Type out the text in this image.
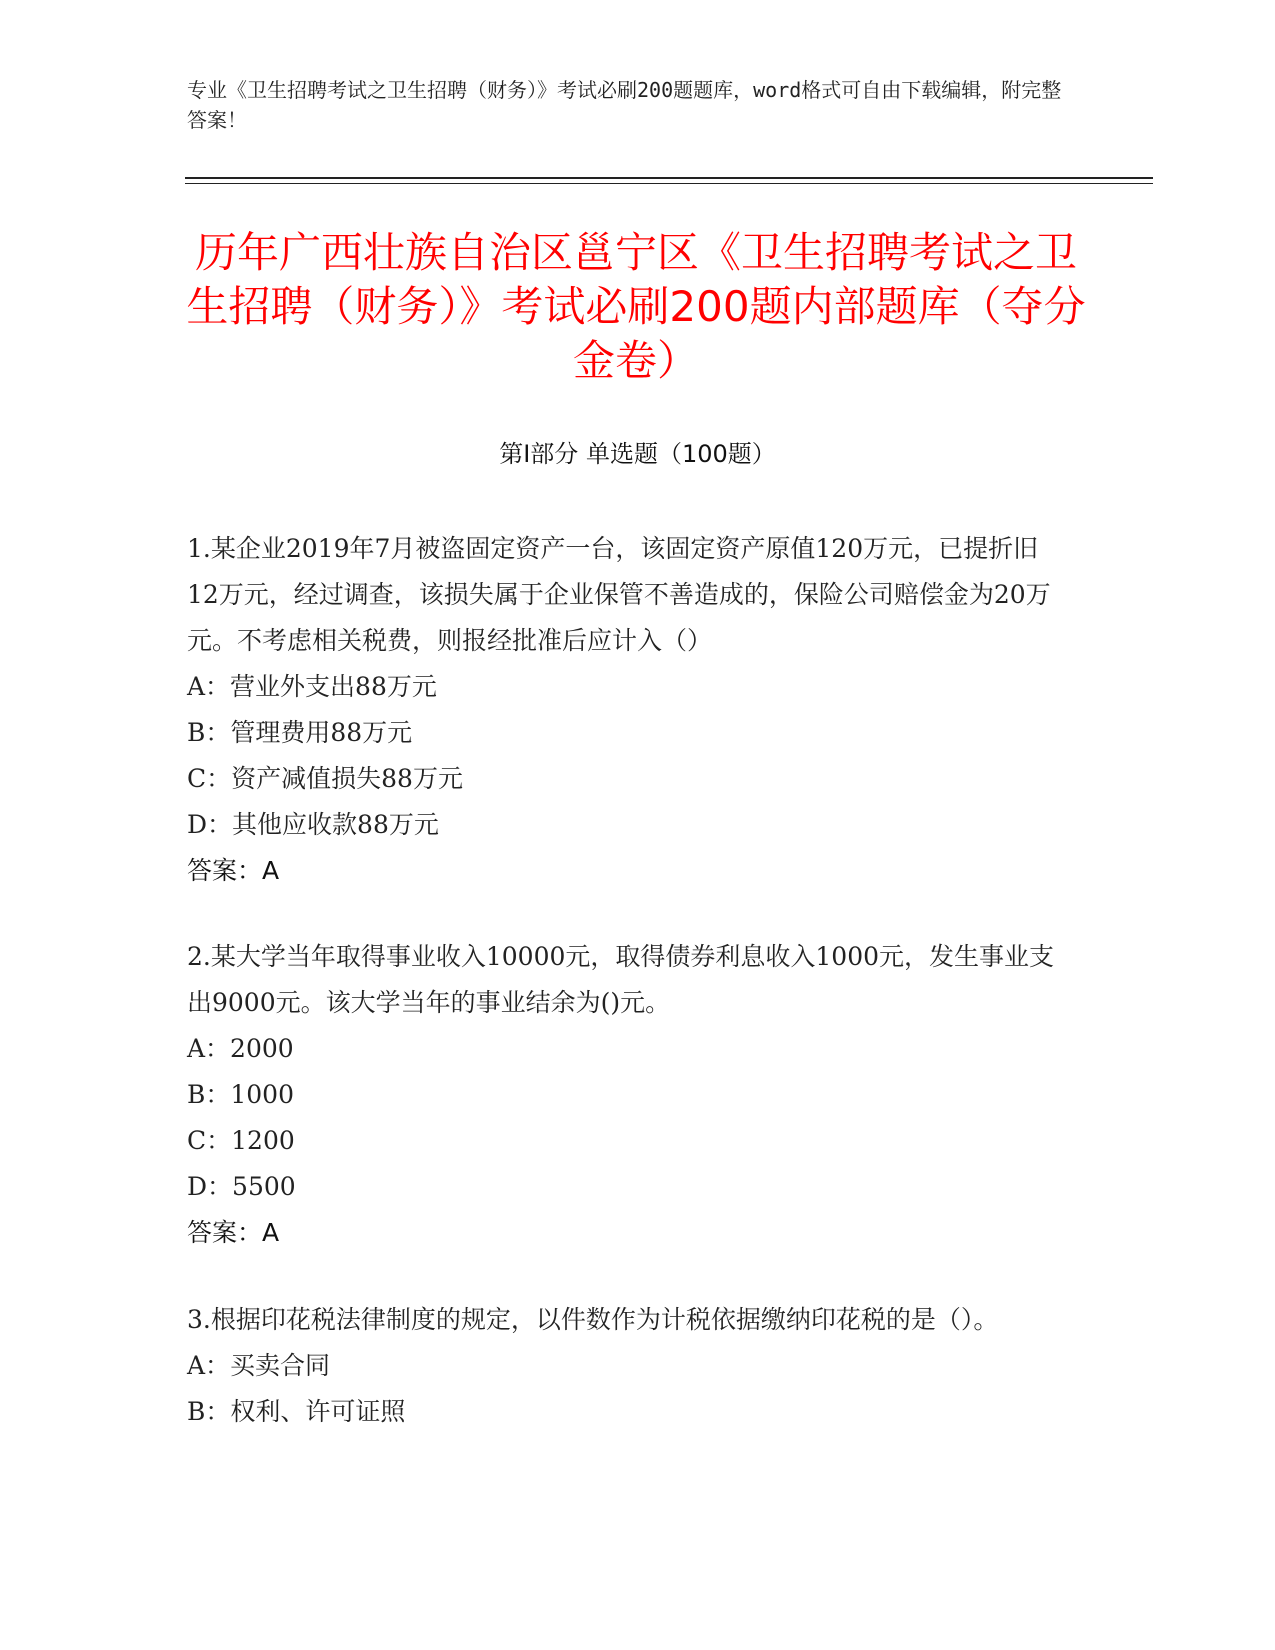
专业《卫生招聘考试之卫生招聘（财务）》考试必刷200题题库，word格式可自由下载编辑，附完整答案！
历年广西壮族自治区邕宁区《卫生招聘考试之卫生招聘（财务）》考试必刷200题内部题库（夺分金卷）
第I部分 单选题（100题）

1.某企业2019年7月被盗固定资产一台，该固定资产原值120万元，已提折旧12万元，经过调查，该损失属于企业保管不善造成的，保险公司赔偿金为20万元。不考虑相关税费，则报经批准后应计入（）

A：营业外支出88万元

B：管理费用88万元

C：资产减值损失88万元

D：其他应收款88万元

答案：A

2.某大学当年取得事业收入10000元，取得债券利息收入1000元，发生事业支出9000元。该大学当年的事业结余为()元。

A：2000

B：1000

C：1200

D：5500

答案：A

3.根据印花税法律制度的规定，以件数作为计税依据缴纳印花税的是（）。

A：买卖合同

B：权利、许可证照
